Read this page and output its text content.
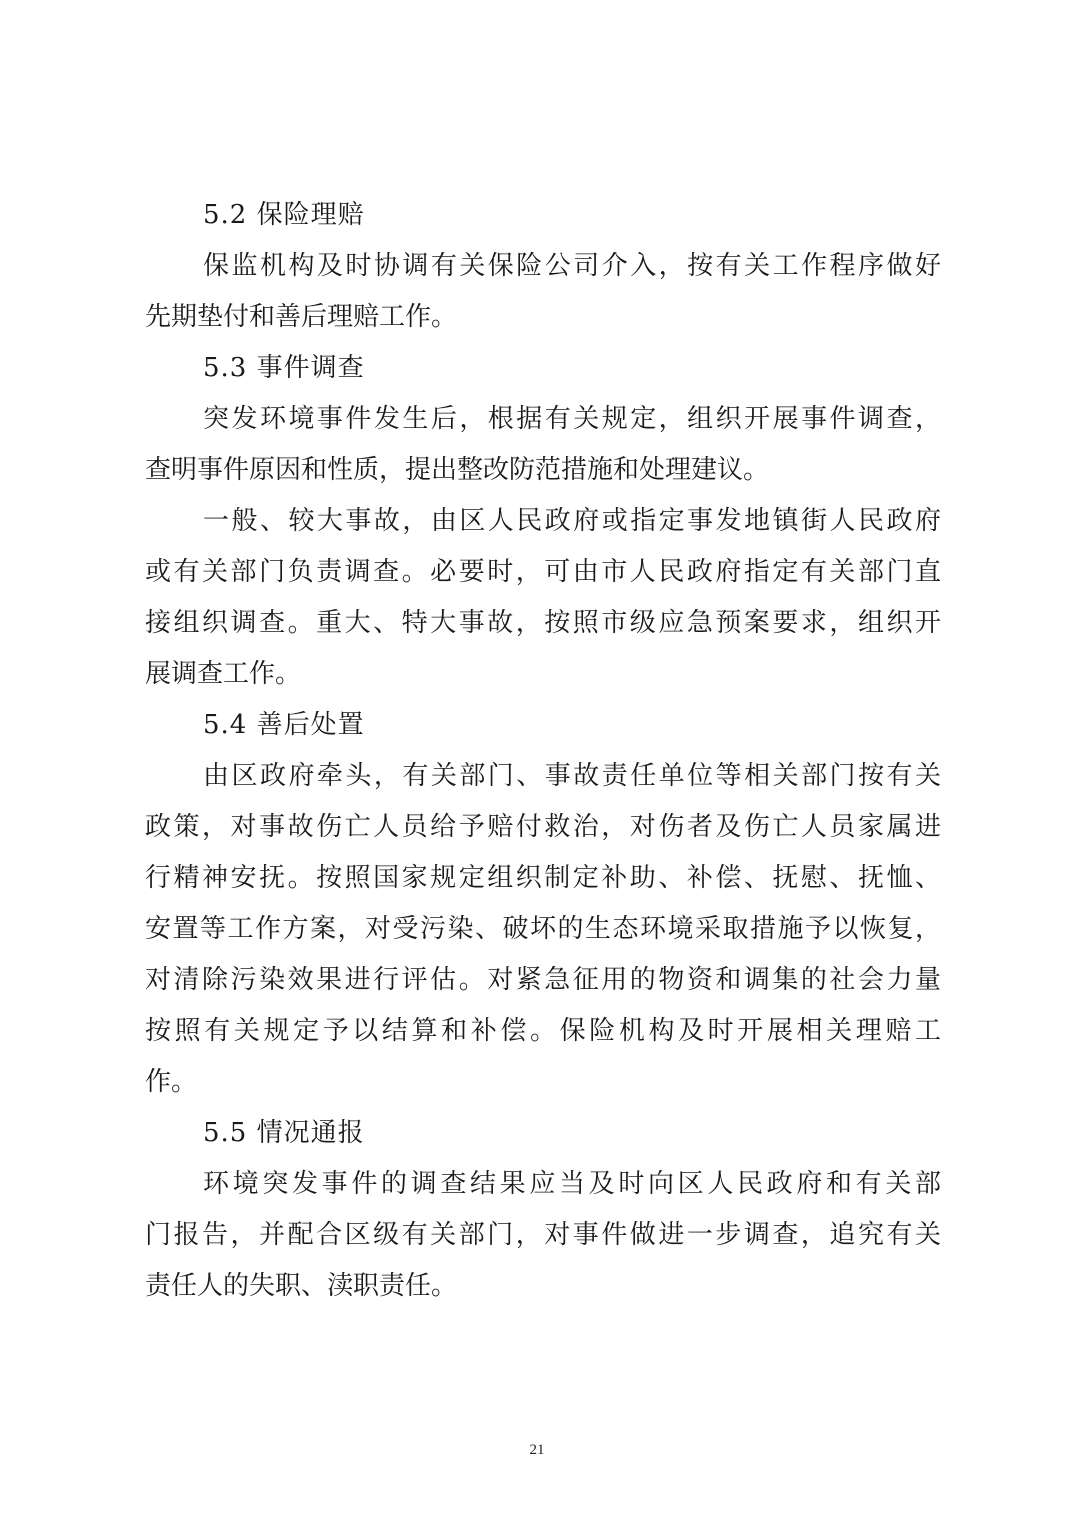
5.2 保险理赔
保监机构及时协调有关保险公司介入，按有关工作程序做好
先期垫付和善后理赔工作。
5.3 事件调查
突发环境事件发生后，根据有关规定，组织开展事件调查，
查明事件原因和性质，提出整改防范措施和处理建议。
一般、较大事故，由区人民政府或指定事发地镇街人民政府
或有关部门负责调查。必要时，可由市人民政府指定有关部门直
接组织调查。重大、特大事故，按照市级应急预案要求，组织开
展调查工作。
5.4 善后处置
由区政府牵头，有关部门、事故责任单位等相关部门按有关
政策，对事故伤亡人员给予赔付救治，对伤者及伤亡人员家属进
行精神安抚。按照国家规定组织制定补助、补偿、抚慰、抚恤、
安置等工作方案，对受污染、破坏的生态环境采取措施予以恢复，
对清除污染效果进行评估。对紧急征用的物资和调集的社会力量
按照有关规定予以结算和补偿。保险机构及时开展相关理赔工
作。
5.5 情况通报
环境突发事件的调查结果应当及时向区人民政府和有关部
门报告，并配合区级有关部门，对事件做进一步调查，追究有关
责任人的失职、渎职责任。
21
